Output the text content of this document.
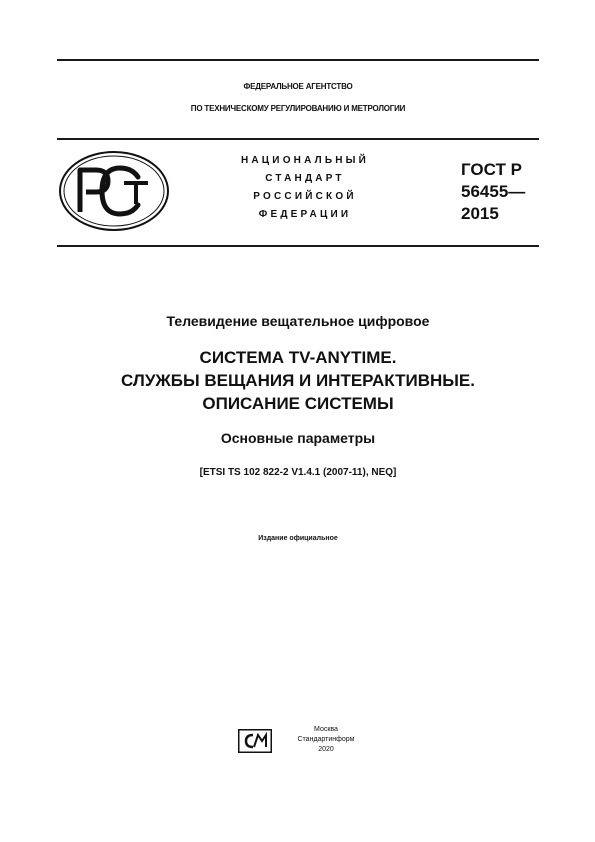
ФЕДЕРАЛЬНОЕ АГЕНТСТВО
ПО ТЕХНИЧЕСКОМУ РЕГУЛИРОВАНИЮ И МЕТРОЛОГИИ
НАЦИОНАЛЬНЫЙ
СТАНДАРТ
РОССИЙСКОЙ
ФЕДЕРАЦИИ
ГОСТ Р
56455—
2015
Телевидение вещательное цифровое
СИСТЕМА TV-ANYTIME.
СЛУЖБЫ ВЕЩАНИЯ И ИНТЕРАКТИВНЫЕ.
ОПИСАНИЕ СИСТЕМЫ
Основные параметры
[ETSI TS 102 822-2 V1.4.1 (2007-11), NEQ]
Издание официальное
Москва
Стандартинформ
2020
